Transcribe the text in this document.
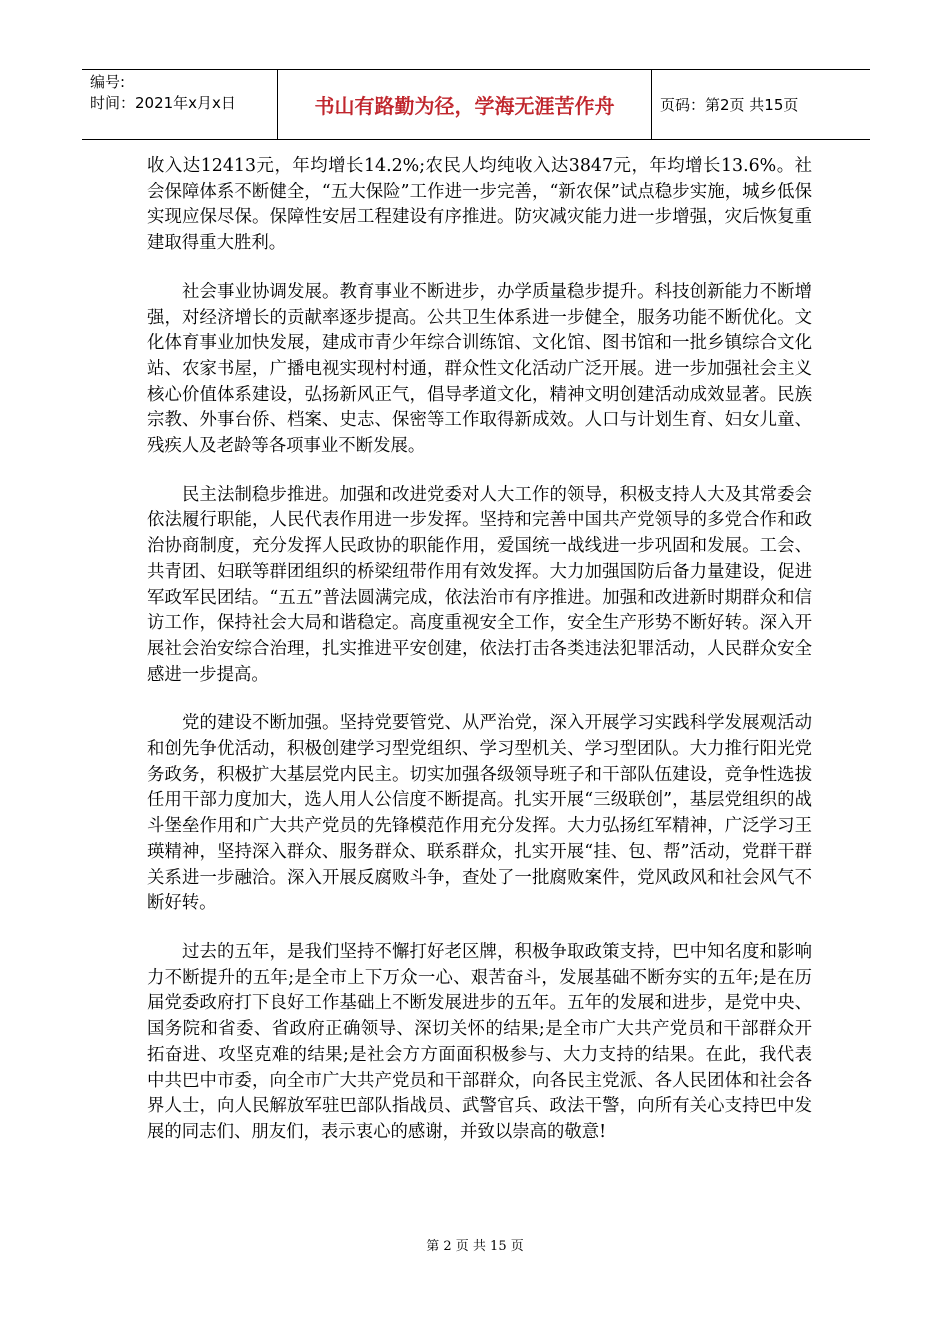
编号:
时间：2021年x月x日	书山有路勤为径，学海无涯苦作舟	页码：第2页 共15页

收入达12413元，年均增长14.2%;农民人均纯收入达3847元，年均增长13.6%。社会保障体系不断健全，“五大保险”工作进一步完善，“新农保”试点稳步实施，城乡低保实现应保尽保。保障性安居工程建设有序推进。防灾减灾能力进一步增强，灾后恢复重建取得重大胜利。

社会事业协调发展。教育事业不断进步，办学质量稳步提升。科技创新能力不断增强，对经济增长的贡献率逐步提高。公共卫生体系进一步健全，服务功能不断优化。文化体育事业加快发展，建成市青少年综合训练馆、文化馆、图书馆和一批乡镇综合文化站、农家书屋，广播电视实现村村通，群众性文化活动广泛开展。进一步加强社会主义核心价值体系建设，弘扬新风正气，倡导孝道文化，精神文明创建活动成效显著。民族宗教、外事台侨、档案、史志、保密等工作取得新成效。人口与计划生育、妇女儿童、残疾人及老龄等各项事业不断发展。

民主法制稳步推进。加强和改进党委对人大工作的领导，积极支持人大及其常委会依法履行职能，人民代表作用进一步发挥。坚持和完善中国共产党领导的多党合作和政治协商制度，充分发挥人民政协的职能作用，爱国统一战线进一步巩固和发展。工会、共青团、妇联等群团组织的桥梁纽带作用有效发挥。大力加强国防后备力量建设，促进军政军民团结。“五五”普法圆满完成，依法治市有序推进。加强和改进新时期群众和信访工作，保持社会大局和谐稳定。高度重视安全工作，安全生产形势不断好转。深入开展社会治安综合治理，扎实推进平安创建，依法打击各类违法犯罪活动，人民群众安全感进一步提高。

党的建设不断加强。坚持党要管党、从严治党，深入开展学习实践科学发展观活动和创先争优活动，积极创建学习型党组织、学习型机关、学习型团队。大力推行阳光党务政务，积极扩大基层党内民主。切实加强各级领导班子和干部队伍建设，竞争性选拔任用干部力度加大，选人用人公信度不断提高。扎实开展“三级联创”，基层党组织的战斗堡垒作用和广大共产党员的先锋模范作用充分发挥。大力弘扬红军精神，广泛学习王瑛精神，坚持深入群众、服务群众、联系群众，扎实开展“挂、包、帮”活动，党群干群关系进一步融洽。深入开展反腐败斗争，查处了一批腐败案件，党风政风和社会风气不断好转。

过去的五年，是我们坚持不懈打好老区牌，积极争取政策支持，巴中知名度和影响力不断提升的五年;是全市上下万众一心、艰苦奋斗，发展基础不断夯实的五年;是在历届党委政府打下良好工作基础上不断发展进步的五年。五年的发展和进步，是党中央、国务院和省委、省政府正确领导、深切关怀的结果;是全市广大共产党员和干部群众开拓奋进、攻坚克难的结果;是社会方方面面积极参与、大力支持的结果。在此，我代表中共巴中市委，向全市广大共产党员和干部群众，向各民主党派、各人民团体和社会各界人士，向人民解放军驻巴部队指战员、武警官兵、政法干警，向所有关心支持巴中发展的同志们、朋友们，表示衷心的感谢，并致以崇高的敬意!

第 2 页 共 15 页
